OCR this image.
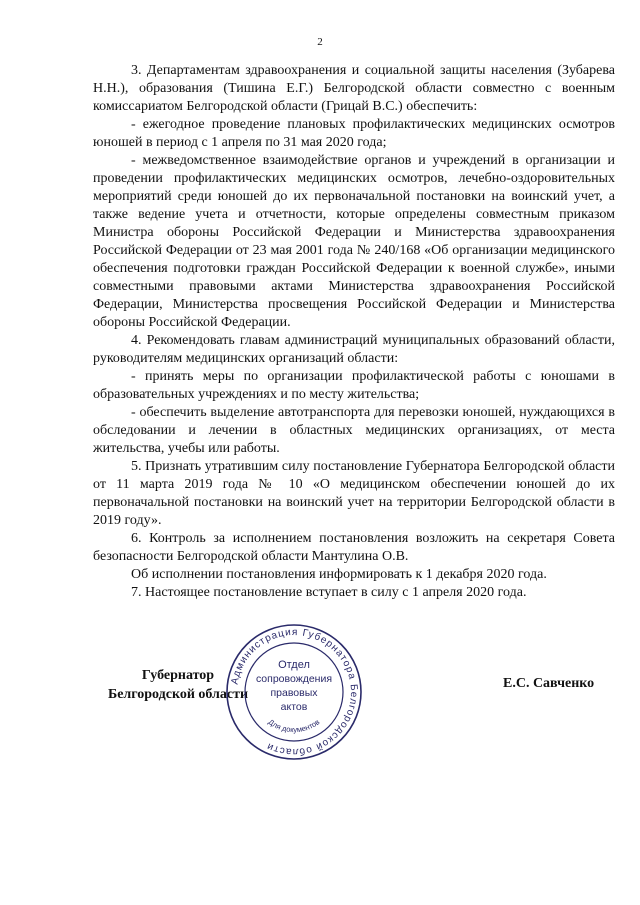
2

3. Департаментам здравоохранения и социальной защиты населения (Зубарева Н.Н.), образования (Тишина Е.Г.) Белгородской области совместно с военным комиссариатом Белгородской области (Грицай В.С.) обеспечить:

- ежегодное проведение плановых профилактических медицинских осмотров юношей в период с 1 апреля по 31 мая 2020 года;

- межведомственное взаимодействие органов и учреждений в организации и проведении профилактических медицинских осмотров, лечебно-оздоровительных мероприятий среди юношей до их первоначальной постановки на воинский учет, а также ведение учета и отчетности, которые определены совместным приказом Министра обороны Российской Федерации и Министерства здравоохранения Российской Федерации от 23 мая 2001 года № 240/168 «Об организации медицинского обеспечения подготовки граждан Российской Федерации к военной службе», иными совместными правовыми актами Министерства здравоохранения Российской Федерации, Министерства просвещения Российской Федерации и Министерства обороны Российской Федерации.

4. Рекомендовать главам администраций муниципальных образований области, руководителям медицинских организаций области:

- принять меры по организации профилактической работы с юношами в образовательных учреждениях и по месту жительства;

- обеспечить выделение автотранспорта для перевозки юношей, нуждающихся в обследовании и лечении в областных медицинских организациях, от места жительства, учебы или работы.

5. Признать утратившим силу постановление Губернатора Белгородской области от 11 марта 2019 года № 10 «О медицинском обеспечении юношей до их первоначальной постановки на воинский учет на территории Белгородской области в 2019 году».

6. Контроль за исполнением постановления возложить на секретаря Совета безопасности Белгородской области Мантулина О.В.

Об исполнении постановления информировать к 1 декабря 2020 года.

7. Настоящее постановление вступает в силу с 1 апреля 2020 года.

Губернатор
Белгородской области
Е.С. Савченко
Администрация Губернатора Белгородской области
Отдел
сопровождения
правовых
актов
Для документов
